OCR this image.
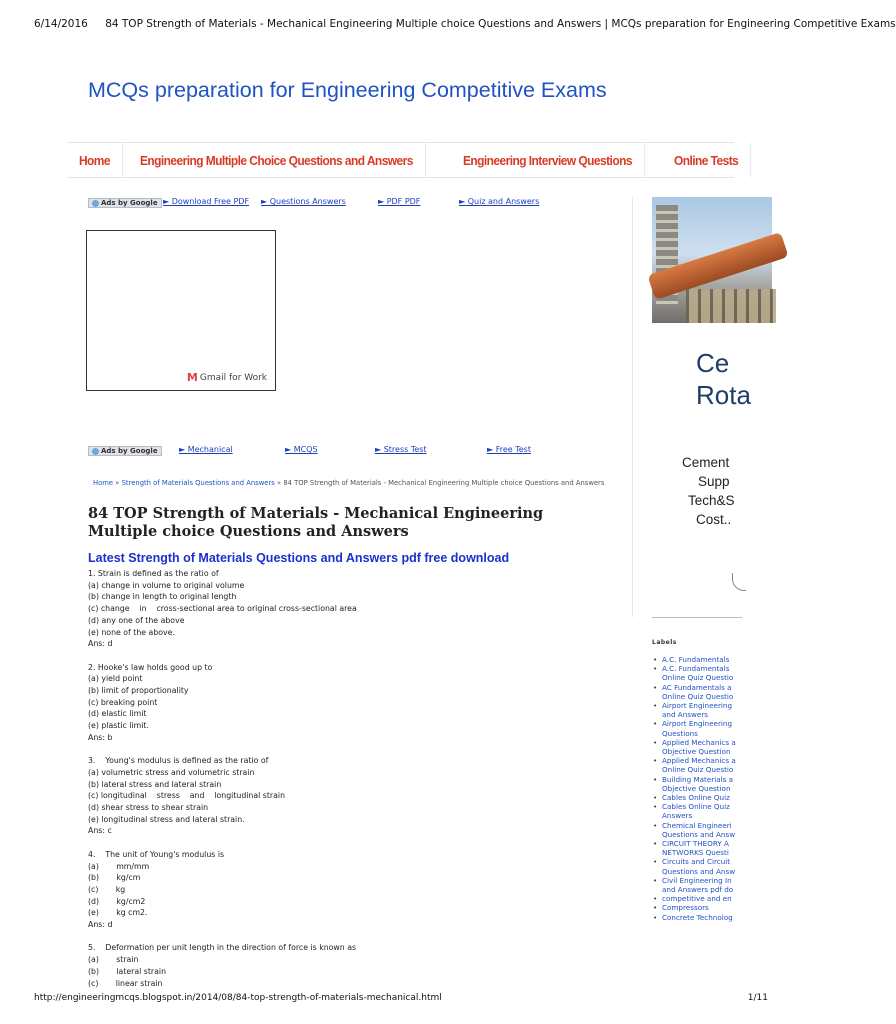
6/14/2016 84 TOP Strength of Materials - Mechanical Engineering Multiple choice Questions and Answers | MCQs preparation for Engineering Competitive Exams
MCQs preparation for Engineering Competitive Exams
Home	Engineering Multiple Choice Questions and Answers	Engineering Interview Questions	Online Tests
Ads by Google ► Download Free PDF ► Questions Answers	► PDF PDF	► Quiz and Answers
M Gmail for Work
Ads by Google	► Mechanical	► MCQS	► Stress Test	► Free Test
Home » Strength of Materials Questions and Answers » 84 TOP Strength of Materials - Mechanical Engineering Multiple choice Questions and Answers
84 TOP Strength of Materials - Mechanical Engineering Multiple choice Questions and Answers
Latest Strength of Materials Questions and Answers pdf free download
1. Strain is defined as the ratio of
(a) change in volume to original volume
(b) change in length to original length
(c) change    in    cross-sectional area to original cross-sectional area
(d) any one of the above
(e) none of the above.
Ans: d
2. Hooke's law holds good up to
(a) yield point
(b) limit of proportionality
(c) breaking point
(d) elastic limit
(e) plastic limit.
Ans: b
3.    Young's modulus is defined as the ratio of
(a) volumetric stress and volumetric strain
(b) lateral stress and lateral strain
(c) longitudinal    stress    and    longitudinal strain
(d) shear stress to shear strain
(e) longitudinal stress and lateral strain.
Ans: c
4.    The unit of Young's modulus is
(a)       mm/mm
(b)       kg/cm
(c)       kg
(d)       kg/cm2
(e)       kg cm2.
Ans: d
5.    Deformation per unit length in the direction of force is known as
(a)       strain
(b)       lateral strain
(c)       linear strain
Ce
Rota
Cement
Supp
Tech&S
Cost..
Labels
• A.C. Fundamentals
• A.C. Fundamentals
Online Quiz Questio
• AC Fundamentals a
Online Quiz Questio
• Airport Engineering
and Answers
• Airport Engineering
Questions
• Applied Mechanics a
Objective Question
• Applied Mechanics a
Online Quiz Questio
• Building Materials a
Objective Question
• Cables Online Quiz
• Cables Online Quiz
Answers
• Chemical Engineeri
Questions and Answ
• CIRCUIT THEORY A
NETWORKS Questi
• Circuits and Circuit
Questions and Answ
• Civil Engineering In
and Answers pdf do
• competitive and en
• Compressors
• Concrete Technolog
http://engineeringmcqs.blogspot.in/2014/08/84-top-strength-of-materials-mechanical.html	1/11
